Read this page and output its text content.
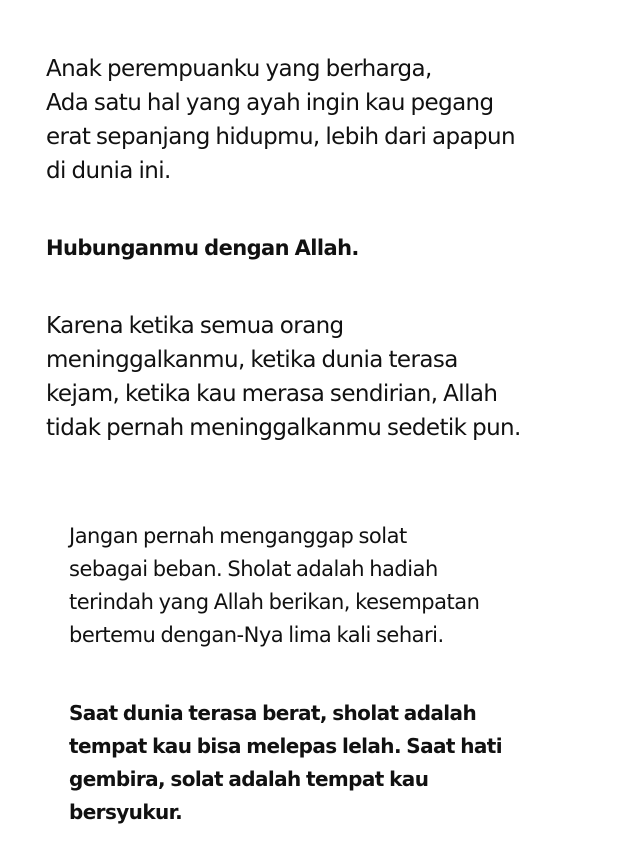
Anak perempuanku yang berharga,
Ada satu hal yang ayah ingin kau pegang
erat sepanjang hidupmu, lebih dari apapun
di dunia ini.

Hubunganmu dengan Allah.

Karena ketika semua orang
meninggalkanmu, ketika dunia terasa
kejam, ketika kau merasa sendirian, Allah
tidak pernah meninggalkanmu sedetik pun.

Jangan pernah menganggap solat
sebagai beban. Sholat adalah hadiah
terindah yang Allah berikan, kesempatan
bertemu dengan-Nya lima kali sehari.

Saat dunia terasa berat, sholat adalah
tempat kau bisa melepas lelah. Saat hati
gembira, solat adalah tempat kau
bersyukur.
